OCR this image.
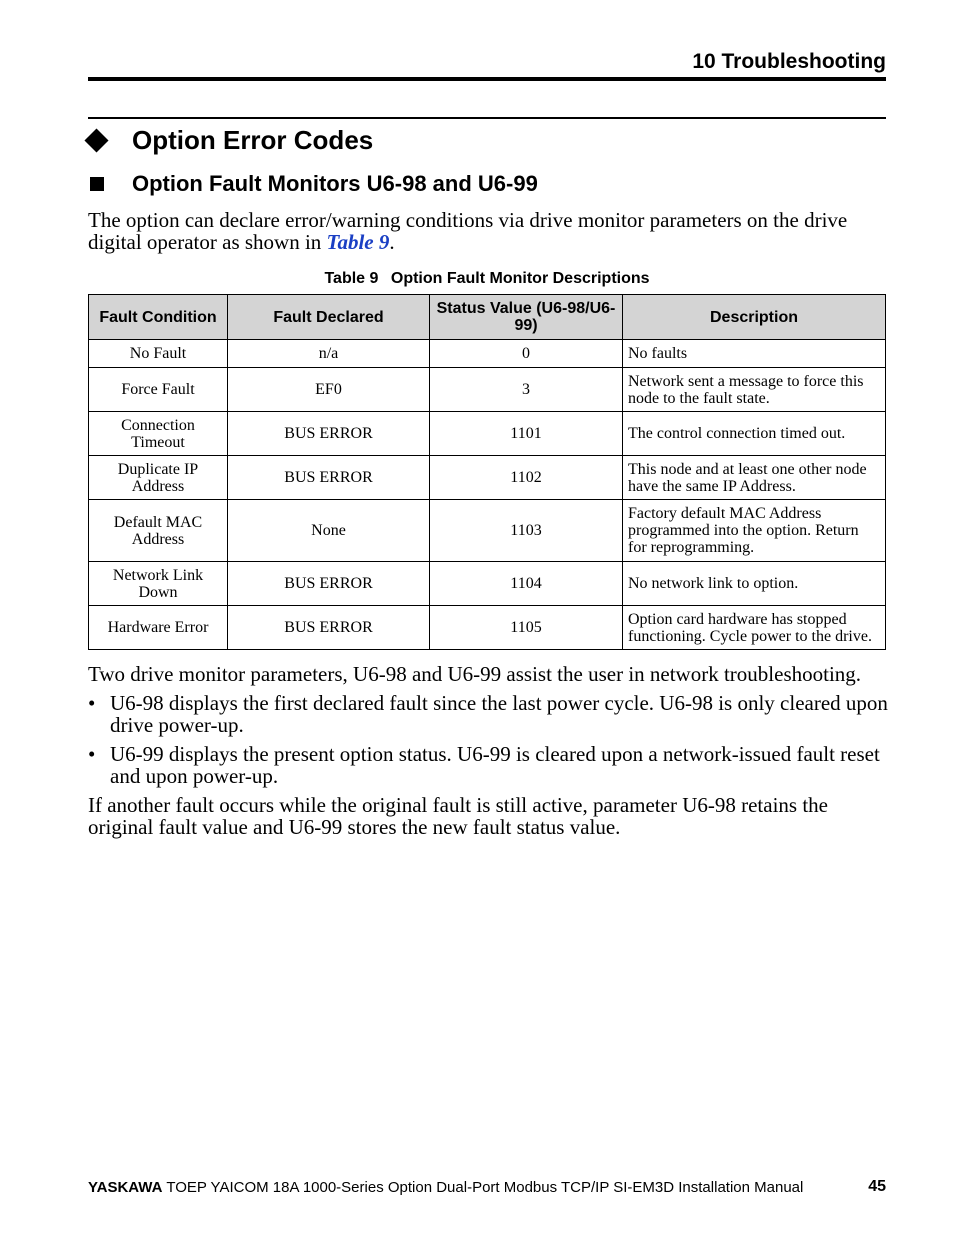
10 Troubleshooting
Option Error Codes
Option Fault Monitors U6-98 and U6-99
The option can declare error/warning conditions via drive monitor parameters on the drive digital operator as shown in Table 9.
Table 9 Option Fault Monitor Descriptions
Fault Condition	Fault Declared	Status Value (U6-98/U6-99)	Description
No Fault	n/a	0	No faults
Force Fault	EF0	3	Network sent a message to force this node to the fault state.
Connection Timeout	BUS ERROR	1101	The control connection timed out.
Duplicate IP Address	BUS ERROR	1102	This node and at least one other node have the same IP Address.
Default MAC Address	None	1103	Factory default MAC Address programmed into the option. Return for reprogramming.
Network Link Down	BUS ERROR	1104	No network link to option.
Hardware Error	BUS ERROR	1105	Option card hardware has stopped functioning. Cycle power to the drive.
Two drive monitor parameters, U6-98 and U6-99 assist the user in network troubleshooting.
• U6-98 displays the first declared fault since the last power cycle. U6-98 is only cleared upon drive power-up.
• U6-99 displays the present option status. U6-99 is cleared upon a network-issued fault reset and upon power-up.
If another fault occurs while the original fault is still active, parameter U6-98 retains the original fault value and U6-99 stores the new fault status value.
YASKAWA TOEP YAICOM 18A 1000-Series Option Dual-Port Modbus TCP/IP SI-EM3D Installation Manual	45
